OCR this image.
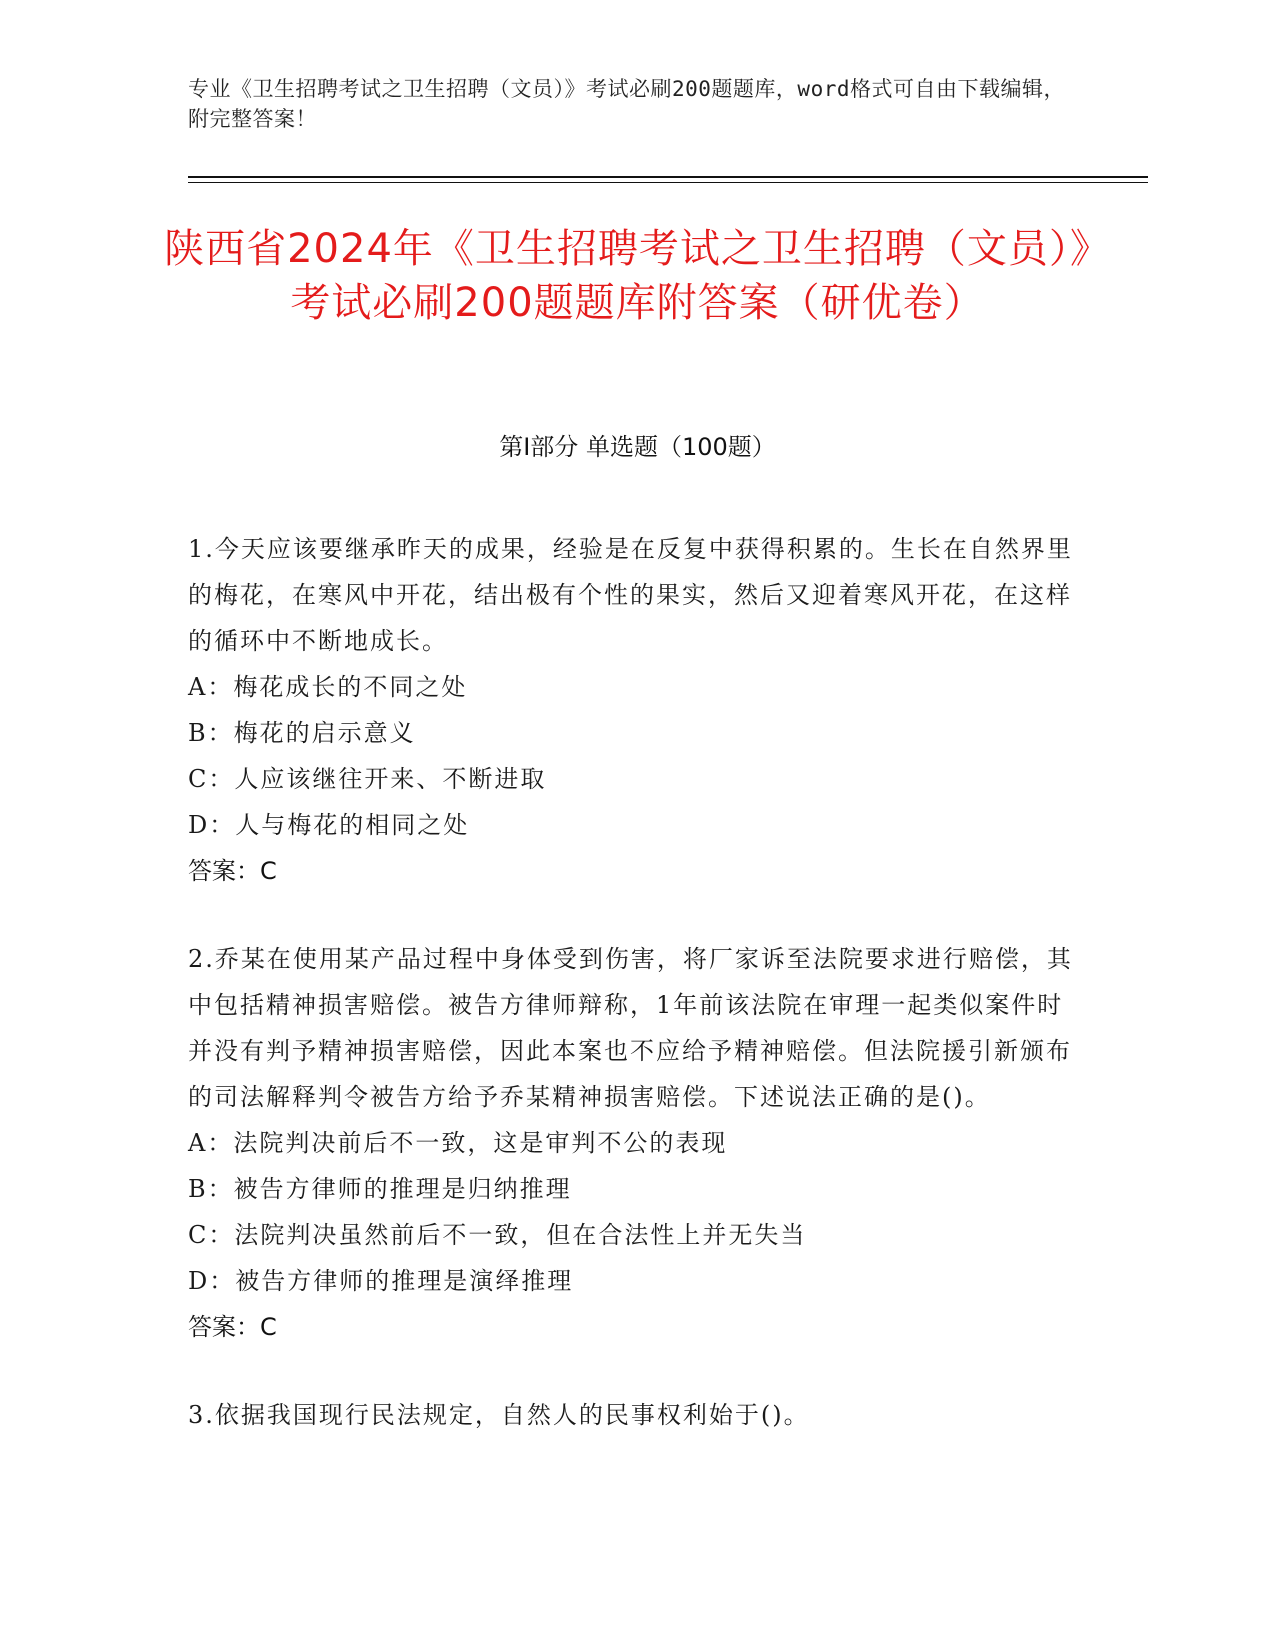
专业《卫生招聘考试之卫生招聘（文员）》考试必刷200题题库，word格式可自由下载编辑，附完整答案！
陕西省2024年《卫生招聘考试之卫生招聘（文员）》考试必刷200题题库附答案（研优卷）
第Ⅰ部分 单选题（100题）
1.今天应该要继承昨天的成果，经验是在反复中获得积累的。生长在自然界里的梅花，在寒风中开花，结出极有个性的果实，然后又迎着寒风开花，在这样的循环中不断地成长。
A：梅花成长的不同之处
B：梅花的启示意义
C：人应该继往开来、不断进取
D：人与梅花的相同之处
答案：C
2.乔某在使用某产品过程中身体受到伤害，将厂家诉至法院要求进行赔偿，其中包括精神损害赔偿。被告方律师辩称，1年前该法院在审理一起类似案件时并没有判予精神损害赔偿，因此本案也不应给予精神赔偿。但法院援引新颁布的司法解释判令被告方给予乔某精神损害赔偿。下述说法正确的是()。
A：法院判决前后不一致，这是审判不公的表现
B：被告方律师的推理是归纳推理
C：法院判决虽然前后不一致，但在合法性上并无失当
D：被告方律师的推理是演绎推理
答案：C
3.依据我国现行民法规定，自然人的民事权利始于()。
